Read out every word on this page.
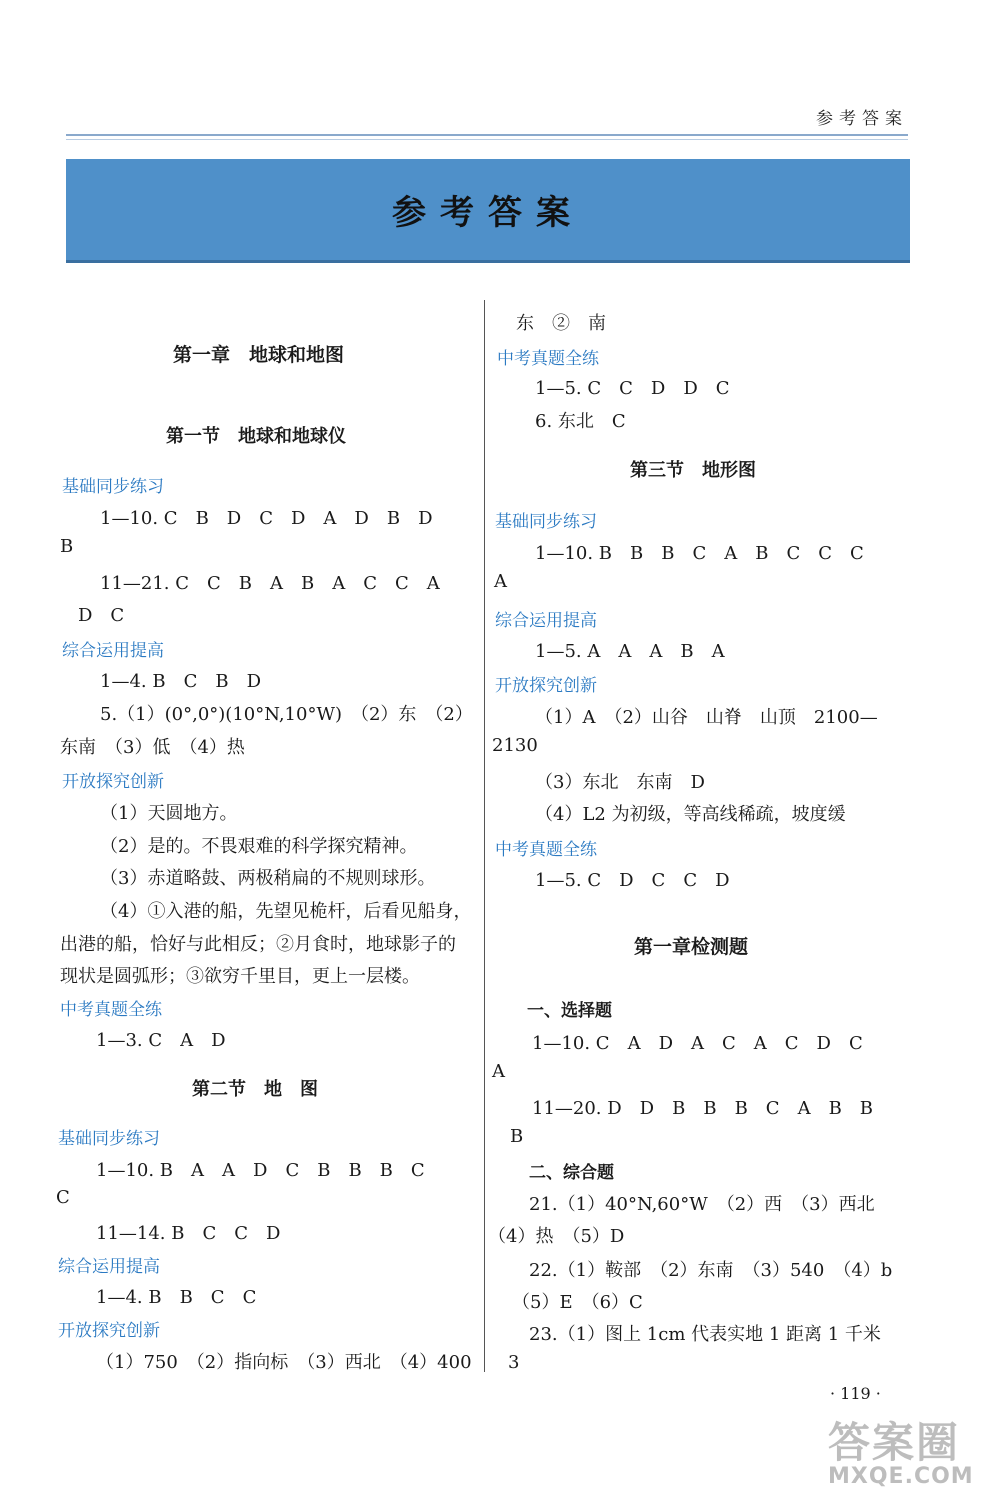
参考答案
参考答案
第一章　地球和地图
第一节　地球和地球仪
基础同步练习
1—10. C　B　D　C　D　A　D　B　D
B
11—21. C　C　B　A　B　A　C　C　A
D　C
综合运用提高
1—4. B　C　B　D
5.（1）(0°,0°)(10°N,10°W)　（2）东　（2）
东南　（3）低　（4）热
开放探究创新
（1）天圆地方。
（2）是的。不畏艰难的科学探究精神。
（3）赤道略鼓、两极稍扁的不规则球形。
（4）①入港的船，先望见桅杆，后看见船身，
出港的船，恰好与此相反；②月食时，地球影子的
现状是圆弧形；③欲穷千里目，更上一层楼。
中考真题全练
1—3. C　A　D
第二节　地　图
基础同步练习
1—10. B　A　A　D　C　B　B　B　C
C
11—14. B　C　C　D
综合运用提高
1—4. B　B　C　C
开放探究创新
（1）750　（2）指向标　（3）西北　（4）400
东　②　南
中考真题全练
1—5. C　C　D　D　C
6. 东北　C
第三节　地形图
基础同步练习
1—10. B　B　B　C　A　B　C　C　C
A
综合运用提高
1—5. A　A　A　B　A
开放探究创新
（1）A　（2）山谷　山脊　山顶　2100—
2130
（3）东北　东南　D
（4）L2 为初级，等高线稀疏，坡度缓
中考真题全练
1—5. C　D　C　C　D
第一章检测题
一、选择题
1—10. C　A　D　A　C　A　C　D　C
A
11—20. D　D　B　B　B　C　A　B　B
B
二、综合题
21.（1）40°N,60°W　（2）西　（3）西北
（4）热　（5）D
22.（1）鞍部　（2）东南　（3）540　（4）b
（5）E　（6）C
23.（1）图上 1cm 代表实地 1 距离 1 千米
3
· 119 ·
答案圈
MXQE.COM
